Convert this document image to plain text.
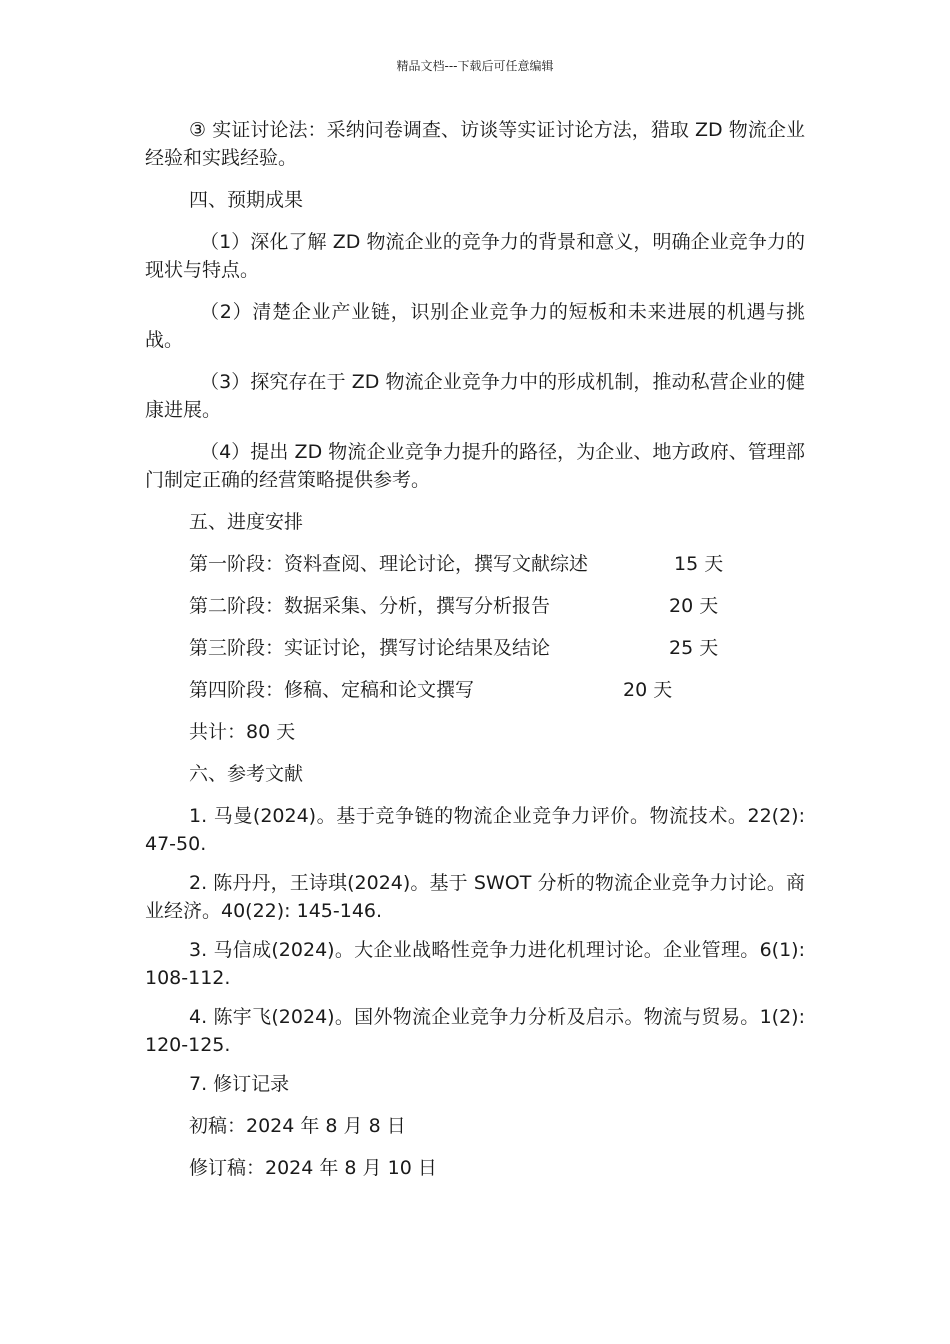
精品文档---下载后可任意编辑

③ 实证讨论法：采纳问卷调查、访谈等实证讨论方法，猎取 ZD 物流企业经验和实践经验。

四、预期成果

（1）深化了解 ZD 物流企业的竞争力的背景和意义，明确企业竞争力的现状与特点。

（2）清楚企业产业链，识别企业竞争力的短板和未来进展的机遇与挑战。

（3）探究存在于 ZD 物流企业竞争力中的形成机制，推动私营企业的健康进展。

（4）提出 ZD 物流企业竞争力提升的路径，为企业、地方政府、管理部门制定正确的经营策略提供参考。

五、进度安排
第一阶段：资料查阅、理论讨论，撰写文献综述	15 天
第二阶段：数据采集、分析，撰写分析报告	20 天
第三阶段：实证讨论，撰写讨论结果及结论	25 天
第四阶段：修稿、定稿和论文撰写	20 天
共计：80 天
六、参考文献

1. 马曼(2024)。基于竞争链的物流企业竞争力评价。物流技术。22(2): 47-50.

2. 陈丹丹，王诗琪(2024)。基于 SWOT 分析的物流企业竞争力讨论。商业经济。40(22): 145-146.

3. 马信成(2024)。大企业战略性竞争力进化机理讨论。企业管理。6(1): 108-112.

4. 陈宇飞(2024)。国外物流企业竞争力分析及启示。物流与贸易。1(2): 120-125.

7. 修订记录
初稿：2024 年 8 月 8 日
修订稿：2024 年 8 月 10 日
